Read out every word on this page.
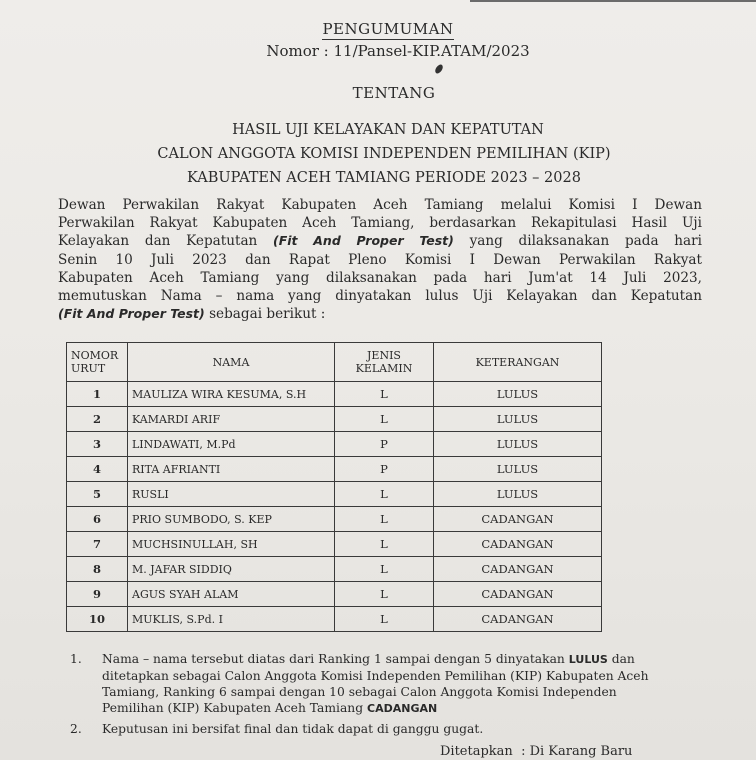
PENGUMUMAN
Nomor : 11/Pansel-KIP.ATAM/2023
TENTANG
HASIL UJI KELAYAKAN DAN KEPATUTAN
CALON ANGGOTA KOMISI INDEPENDEN PEMILIHAN (KIP)
KABUPATEN ACEH TAMIANG PERIODE 2023 – 2028
Dewan Perwakilan Rakyat Kabupaten Aceh Tamiang melalui Komisi I Dewan
Perwakilan Rakyat Kabupaten Aceh Tamiang, berdasarkan Rekapitulasi Hasil Uji
Kelayakan dan Kepatutan (Fit And Proper Test) yang dilaksanakan pada hari
Senin 10 Juli 2023 dan Rapat Pleno Komisi I Dewan Perwakilan Rakyat
Kabupaten Aceh Tamiang yang dilaksanakan pada hari Jum'at 14 Juli 2023,
memutuskan Nama – nama yang dinyatakan lulus Uji Kelayakan dan Kepatutan
(Fit And Proper Test) sebagai berikut :
NOMOR URUT	NAMA	JENIS KELAMIN	KETERANGAN
1	MAULIZA WIRA KESUMA, S.H	L	LULUS
2	KAMARDI ARIF	L	LULUS
3	LINDAWATI, M.Pd	P	LULUS
4	RITA AFRIANTI	P	LULUS
5	RUSLI	L	LULUS
6	PRIO SUMBODO, S. KEP	L	CADANGAN
7	MUCHSINULLAH, SH	L	CADANGAN
8	M. JAFAR SIDDIQ	L	CADANGAN
9	AGUS SYAH ALAM	L	CADANGAN
10	MUKLIS, S.Pd. I	L	CADANGAN
1. Nama – nama tersebut diatas dari Ranking 1 sampai dengan 5 dinyatakan LULUS dan ditetapkan sebagai Calon Anggota Komisi Independen Pemilihan (KIP) Kabupaten Aceh Tamiang, Ranking 6 sampai dengan 10 sebagai Calon Anggota Komisi Independen Pemilihan (KIP) Kabupaten Aceh Tamiang CADANGAN
2. Keputusan ini bersifat final dan tidak dapat di ganggu gugat.
Ditetapkan : Di Karang Baru
